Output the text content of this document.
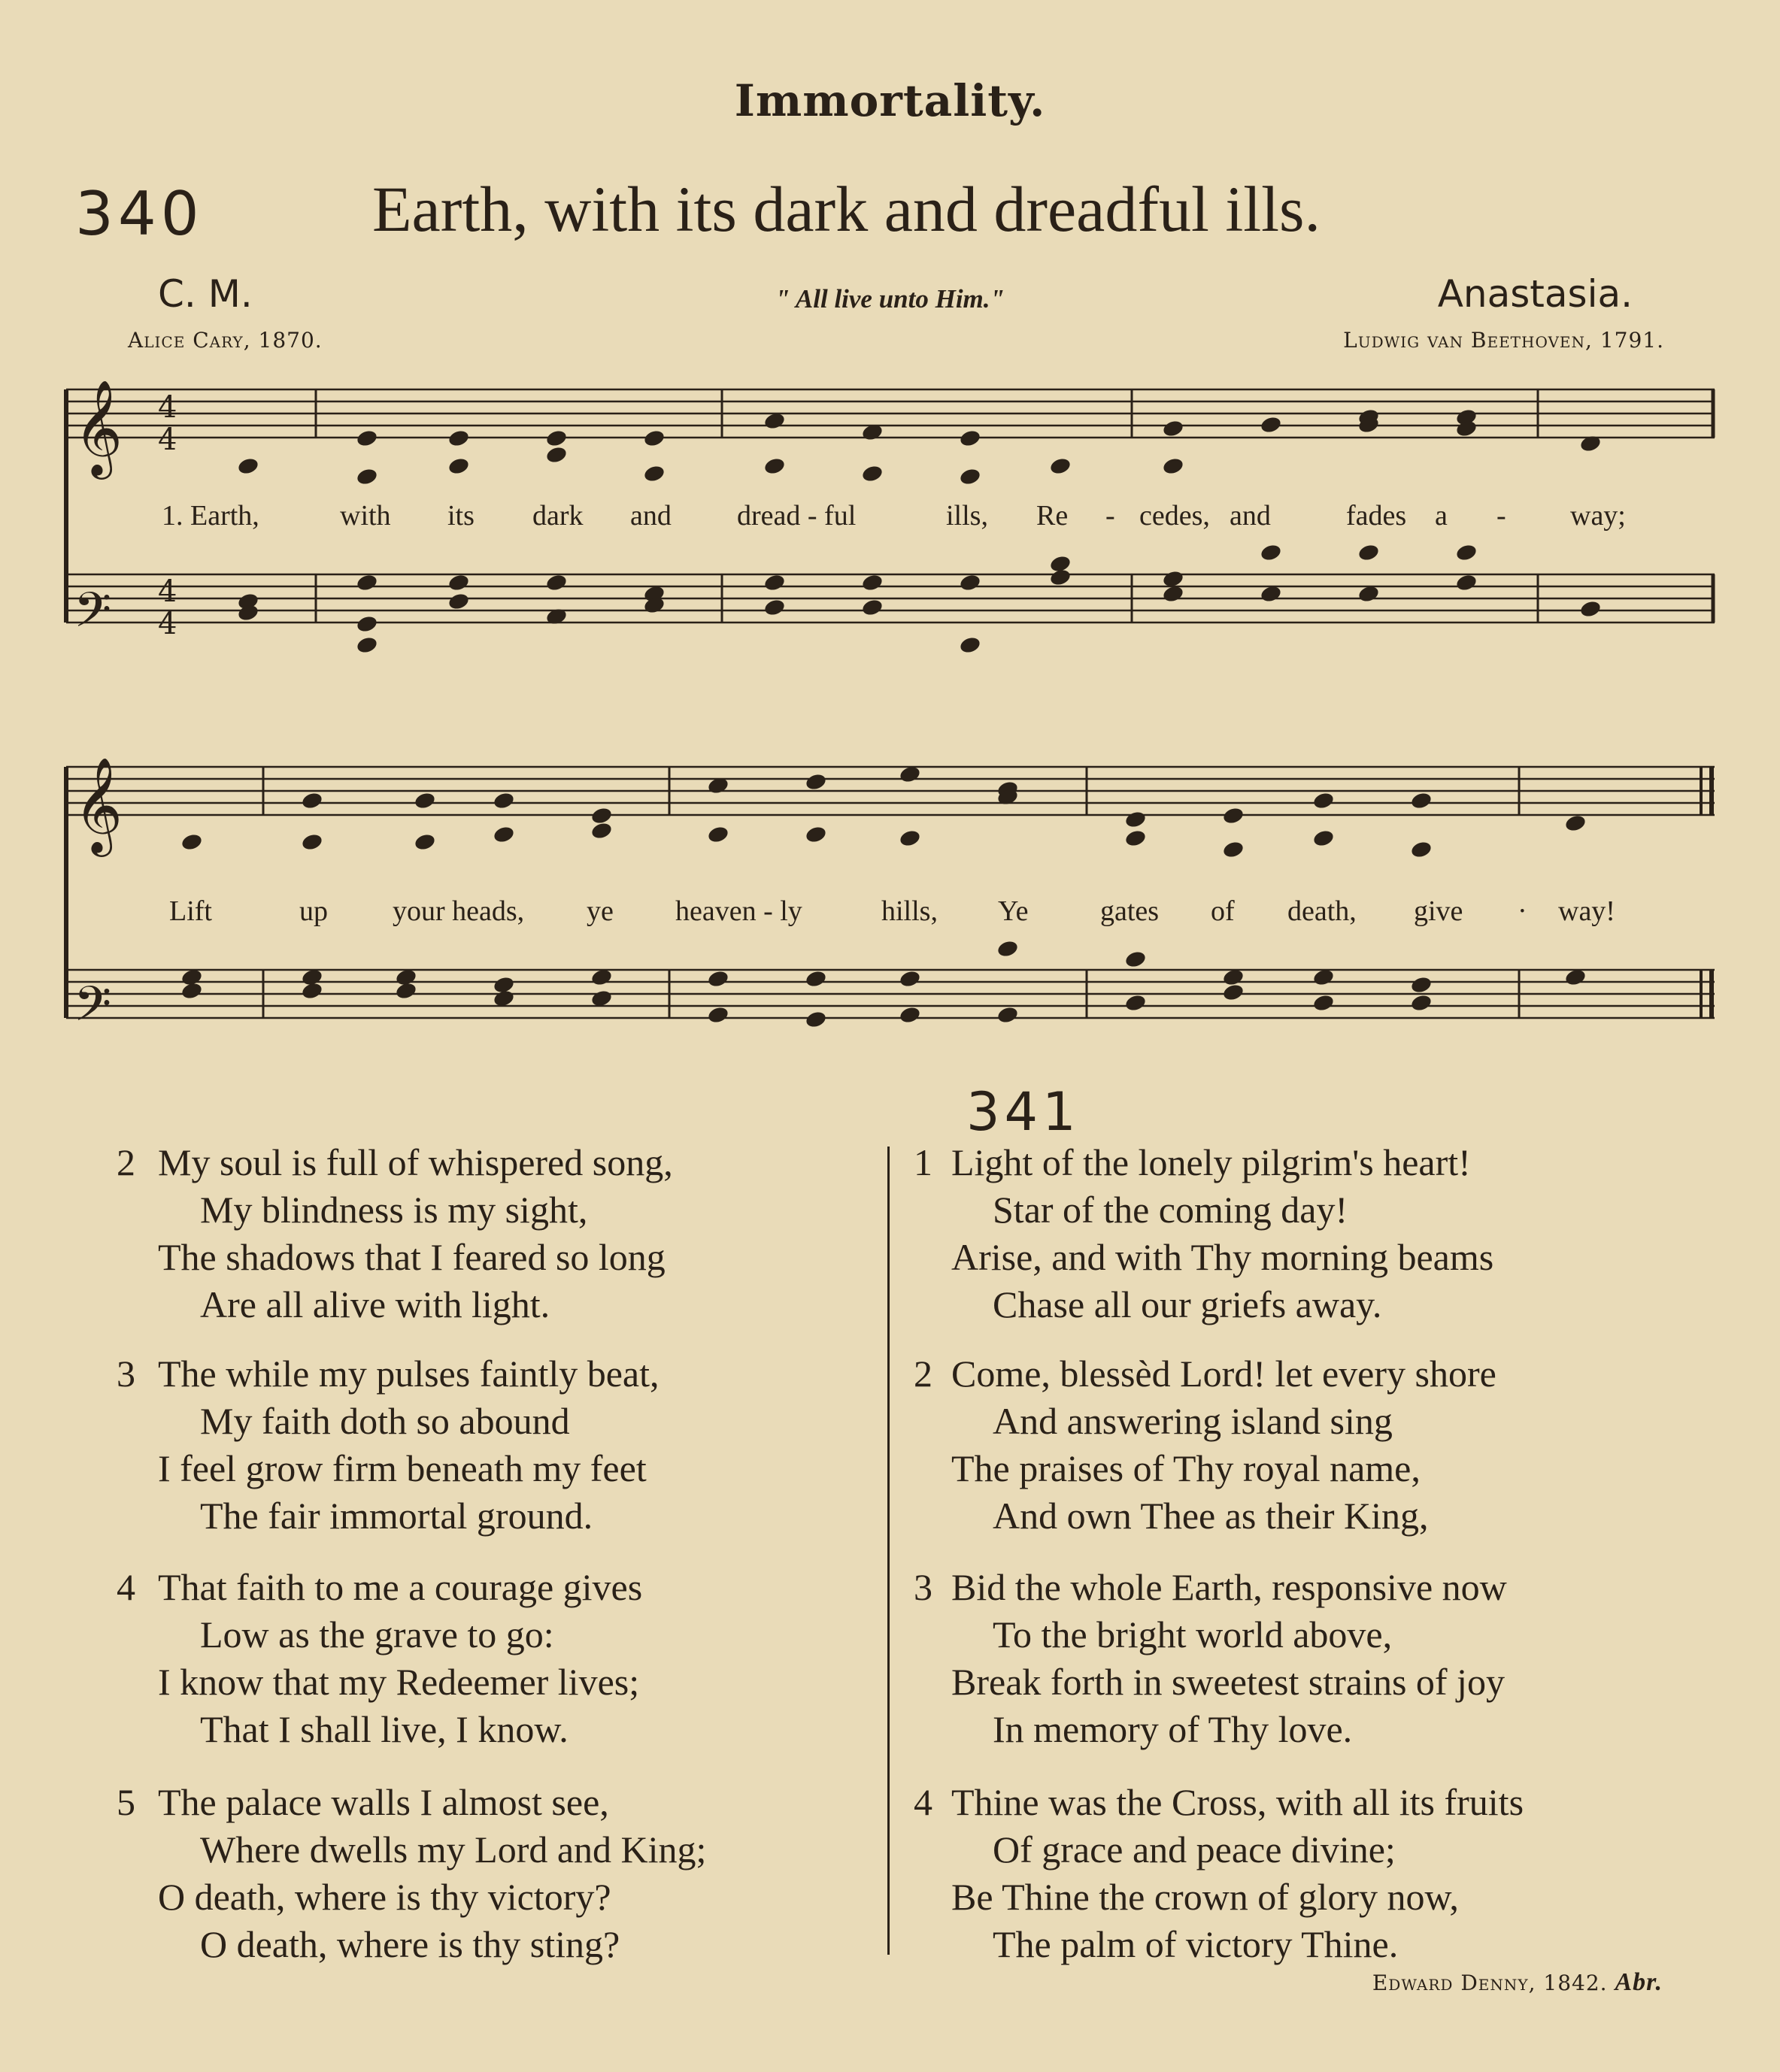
Immortality.
340	Earth, with its dark and dreadful ills.
C. M.	" All live unto Him."	Anastasia.
Alice Cary, 1870.	Ludwig van Beethoven, 1791.
𝄞
𝄢
4
4
4
4
𝄞
𝄢
1. Earth,	with its dark and dread - ful	ills, Re - cedes, and	fades a - way;
Lift	up your heads, ye heaven - ly	hills, Ye	gates of death, give · way!
341
2 My soul is full of whispered song,
My blindness is my sight,
The shadows that I feared so long
Are all alive with light.
3 The while my pulses faintly beat,
My faith doth so abound
I feel grow firm beneath my feet
The fair immortal ground.
4 That faith to me a courage gives
Low as the grave to go:
I know that my Redeemer lives;
That I shall live, I know.
5 The palace walls I almost see,
Where dwells my Lord and King;
O death, where is thy victory?
O death, where is thy sting?
1 Light of the lonely pilgrim's heart!
Star of the coming day!
Arise, and with Thy morning beams
Chase all our griefs away.
2 Come, blessèd Lord! let every shore
And answering island sing
The praises of Thy royal name,
And own Thee as their King,
3 Bid the whole Earth, responsive now
To the bright world above,
Break forth in sweetest strains of joy
In memory of Thy love.
4 Thine was the Cross, with all its fruits
Of grace and peace divine;
Be Thine the crown of glory now,
The palm of victory Thine.
Edward Denny, 1842. Abr.
